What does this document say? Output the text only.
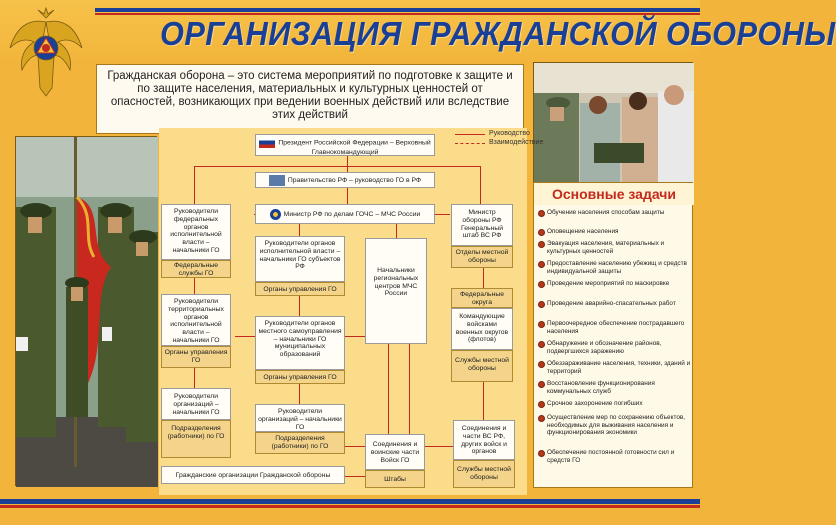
ОРГАНИЗАЦИЯ ГРАЖДАНСКОЙ ОБОРОНЫ
Гражданская оборона – это система мероприятий по подготовке к защите и по защите населения, материальных и культурных ценностей от опасностей, возникающих при ведении военных действий или вследствие этих действий
Руководство
Взаимодействие
Президент Российской Федерации – Верховный Главнокомандующий
Правительство РФ – руководство ГО в РФ
Министр РФ по делам ГОЧС – МЧС России
Руководители федеральных органов исполнительной власти – начальники ГО
Федеральные службы ГО
Руководители органов исполнительной власти – начальники ГО субъектов РФ
Органы управления ГО
Начальники региональных центров МЧС России
Министр обороны РФ Генеральный штаб ВС РФ
Отделы местной обороны
Федеральные округа
Руководители территориальных органов исполнительной власти – начальники ГО
Органы управления ГО
Руководители органов местного самоуправления – начальники ГО муниципальных образований
Органы управления ГО
Командующие войсками военных округов (флотов)
Службы местной обороны
Руководители организаций – начальники ГО
Подразделения (работники) по ГО
Руководители организаций – начальники ГО
Подразделения (работники) по ГО	Соединения и воинские части Войск ГО
Штабы
Соединения и части ВС РФ, других войск и органов
Службы местной обороны
Гражданские организации Гражданской обороны
Основные задачи
Обучение населения способам защиты
Оповещение населения
Эвакуация населения, материальных и культурных ценностей
Предоставление населению убежищ и средств индивидуальной защиты
Проведение мероприятий по маскировке
Проведение аварийно-спасательных работ
Первоочередное обеспечение пострадавшего населения
Обнаружение и обозначение районов, подвергшихся заражению
Обеззараживание населения, техники, зданий и территорий
Восстановление функционирования коммунальных служб
Срочное захоронение погибших
Осуществление мер по сохранению объектов, необходимых для выживания населения и функционирования экономики
Обеспечение постоянной готовности сил и средств ГО
